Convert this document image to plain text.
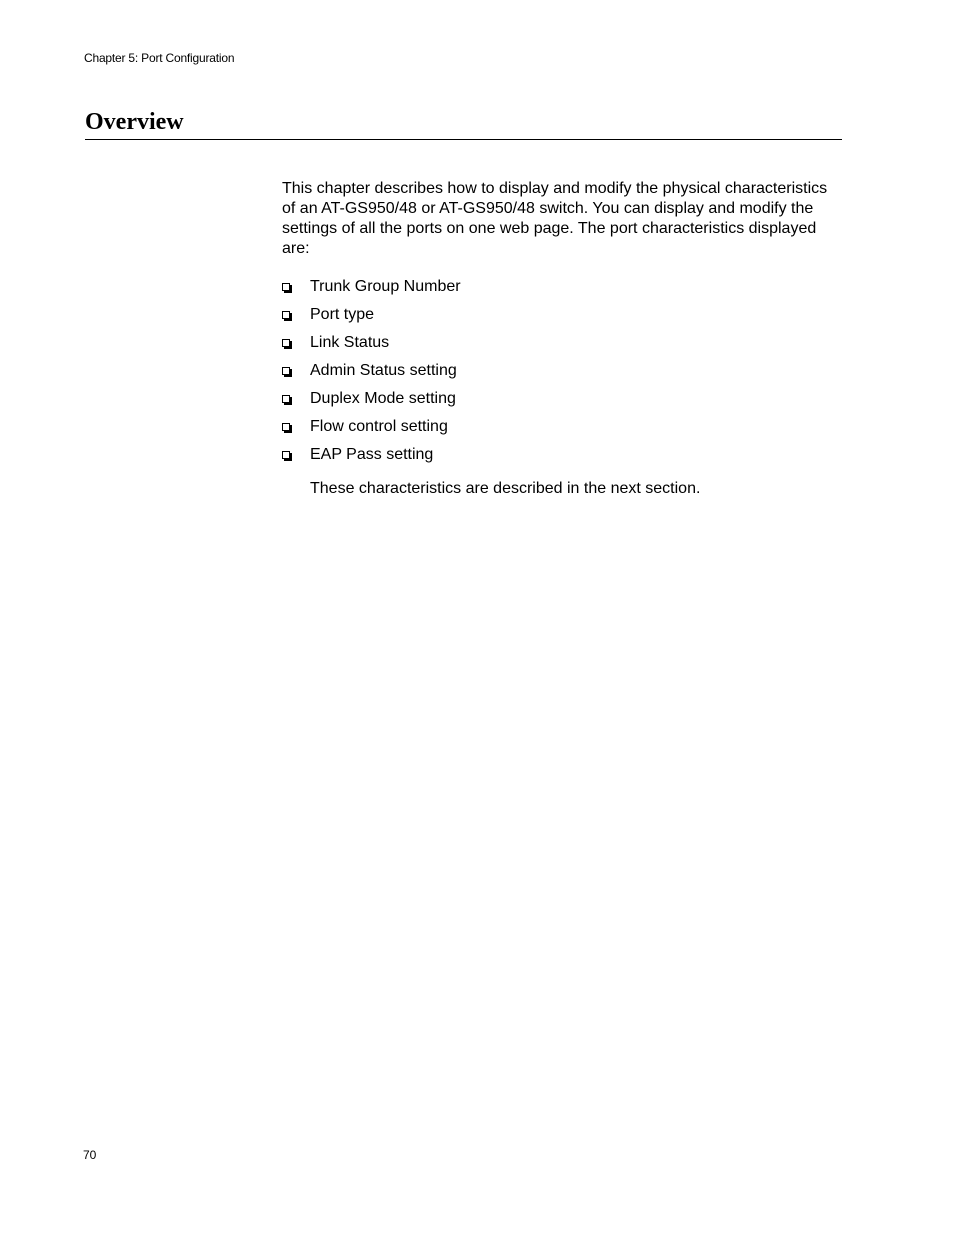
Chapter 5: Port Configuration
Overview

This chapter describes how to display and modify the physical characteristics of an AT-GS950/48 or AT-GS950/48 switch. You can display and modify the settings of all the ports on one web page. The port characteristics displayed are:

Trunk Group Number
Port type
Link Status
Admin Status setting
Duplex Mode setting
Flow control setting
EAP Pass setting

These characteristics are described in the next section.

70
